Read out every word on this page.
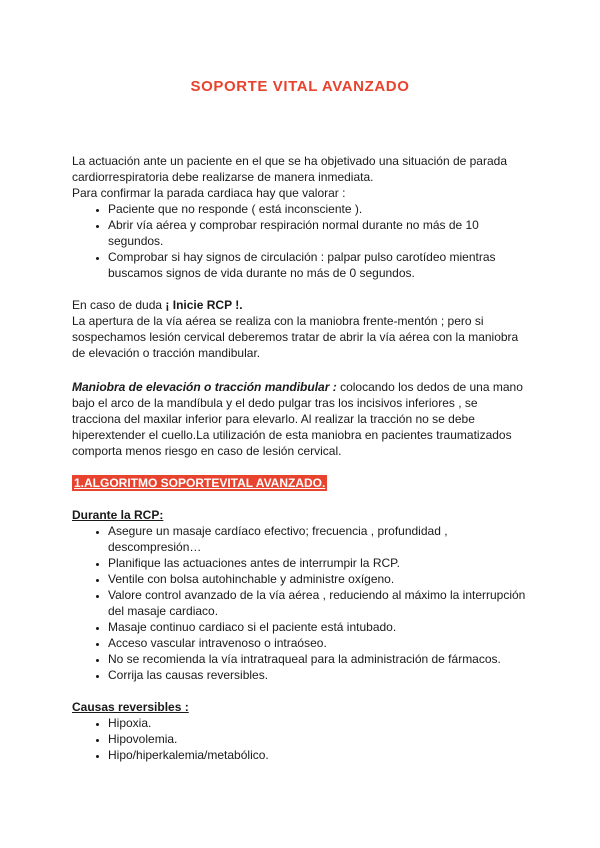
SOPORTE VITAL AVANZADO

La actuación ante un paciente en el que se ha objetivado una situación de parada cardiorrespiratoria debe realizarse de manera inmediata.

Para confirmar la parada cardiaca hay que valorar :

• Paciente que no responde ( está inconsciente ).
• Abrir vía aérea y comprobar respiración normal durante no más de 10 segundos.
• Comprobar si hay signos de circulación : palpar pulso carotídeo mientras buscamos signos de vida durante no más de 0 segundos.

En caso de duda ¡ Inicie RCP !.

La apertura de la vía aérea se realiza con la maniobra frente-mentón ; pero si sospechamos lesión cervical deberemos tratar de abrir la vía aérea con la maniobra de elevación o tracción mandibular.

Maniobra de elevación o tracción mandibular : colocando los dedos de una mano bajo el arco de la mandíbula y el dedo pulgar tras los incisivos inferiores , se tracciona del maxilar inferior para elevarlo. Al realizar la tracción no se debe hiperextender el cuello.La utilización de esta maniobra en pacientes traumatizados comporta menos riesgo en caso de lesión cervical.

1.ALGORITMO SOPORTEVITAL AVANZADO.

Durante la RCP:

• Asegure un masaje cardíaco efectivo; frecuencia , profundidad , descompresión…
• Planifique las actuaciones antes de interrumpir la RCP.
• Ventile con bolsa autohinchable y administre oxígeno.
• Valore control avanzado de la vía aérea , reduciendo al máximo la interrupción del masaje cardiaco.
• Masaje continuo cardiaco si el paciente está intubado.
• Acceso vascular intravenoso o intraóseo.
• No se recomienda la vía intratraqueal para la administración de fármacos.
• Corrija las causas reversibles.

Causas reversibles :

• Hipoxia.
• Hipovolemia.
• Hipo/hiperkalemia/metabólico.
